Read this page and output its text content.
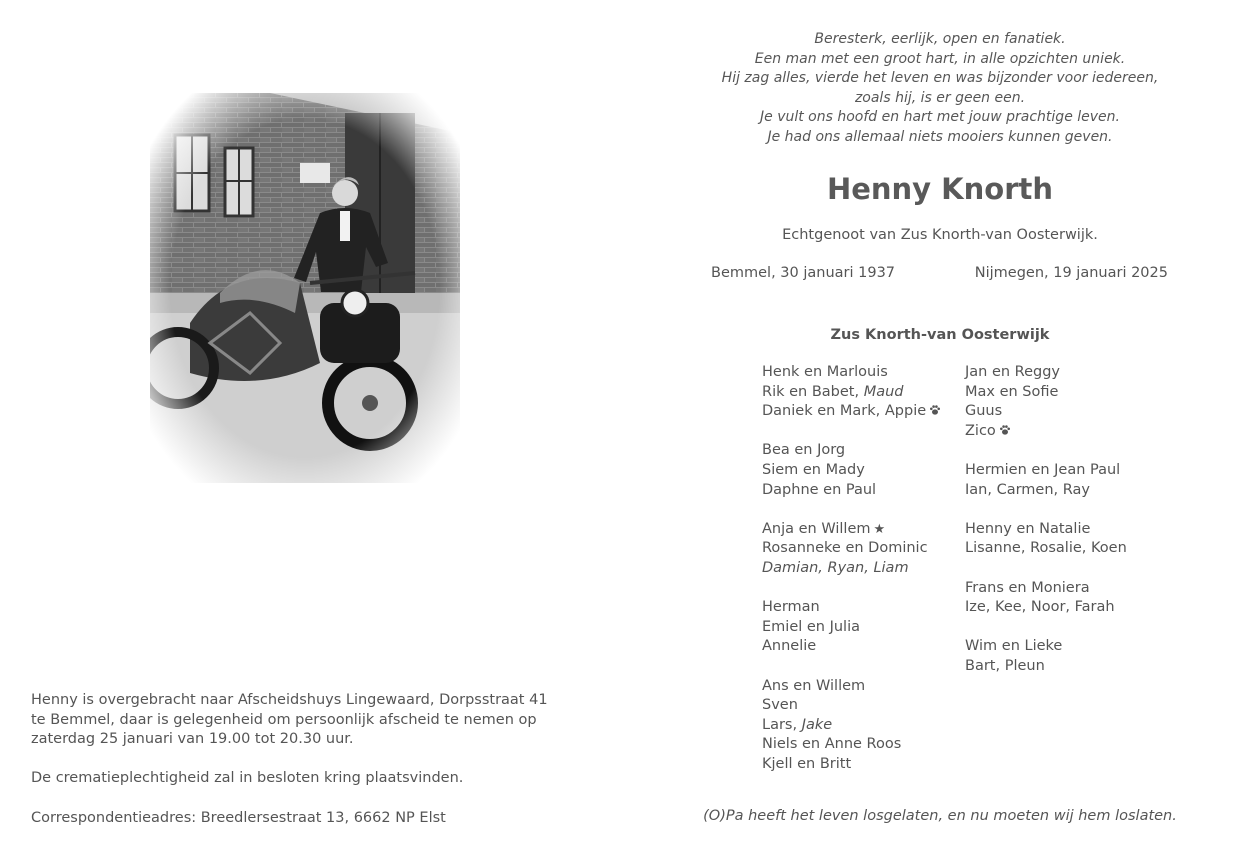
Henny is overgebracht naar Afscheidshuys Lingewaard, Dorpsstraat 41 te Bemmel, daar is gelegenheid om persoonlijk afscheid te nemen op zaterdag 25 januari van 19.00 tot 20.30 uur.

De crematieplechtigheid zal in besloten kring plaatsvinden.

Correspondentieadres: Breedlersestraat 13, 6662 NP Elst

Beresterk, eerlijk, open en fanatiek.
Een man met een groot hart, in alle opzichten uniek.
Hij zag alles, vierde het leven en was bijzonder voor iedereen,
zoals hij, is er geen een.
Je vult ons hoofd en hart met jouw prachtige leven.
Je had ons allemaal niets mooiers kunnen geven.
Henny Knorth
Echtgenoot van Zus Knorth-van Oosterwijk.
Bemmel, 30 januari 1937	Nijmegen, 19 januari 2025
Zus Knorth-van Oosterwijk
Henk en Marlouis
Rik en Babet, Maud
Daniek en Mark, Appie
Bea en Jorg
Siem en Mady
Daphne en Paul
Anja en Willem ★
Rosanneke en Dominic
Damian, Ryan, Liam
Herman
Emiel en Julia
Annelie
Ans en Willem
Sven
Lars, Jake
Niels en Anne Roos
Kjell en Britt
Jan en Reggy
Max en Sofie
Guus
Zico
Hermien en Jean Paul
Ian, Carmen, Ray
Henny en Natalie
Lisanne, Rosalie, Koen
Frans en Moniera
Ize, Kee, Noor, Farah
Wim en Lieke
Bart, Pleun
(O)Pa heeft het leven losgelaten, en nu moeten wij hem loslaten.
